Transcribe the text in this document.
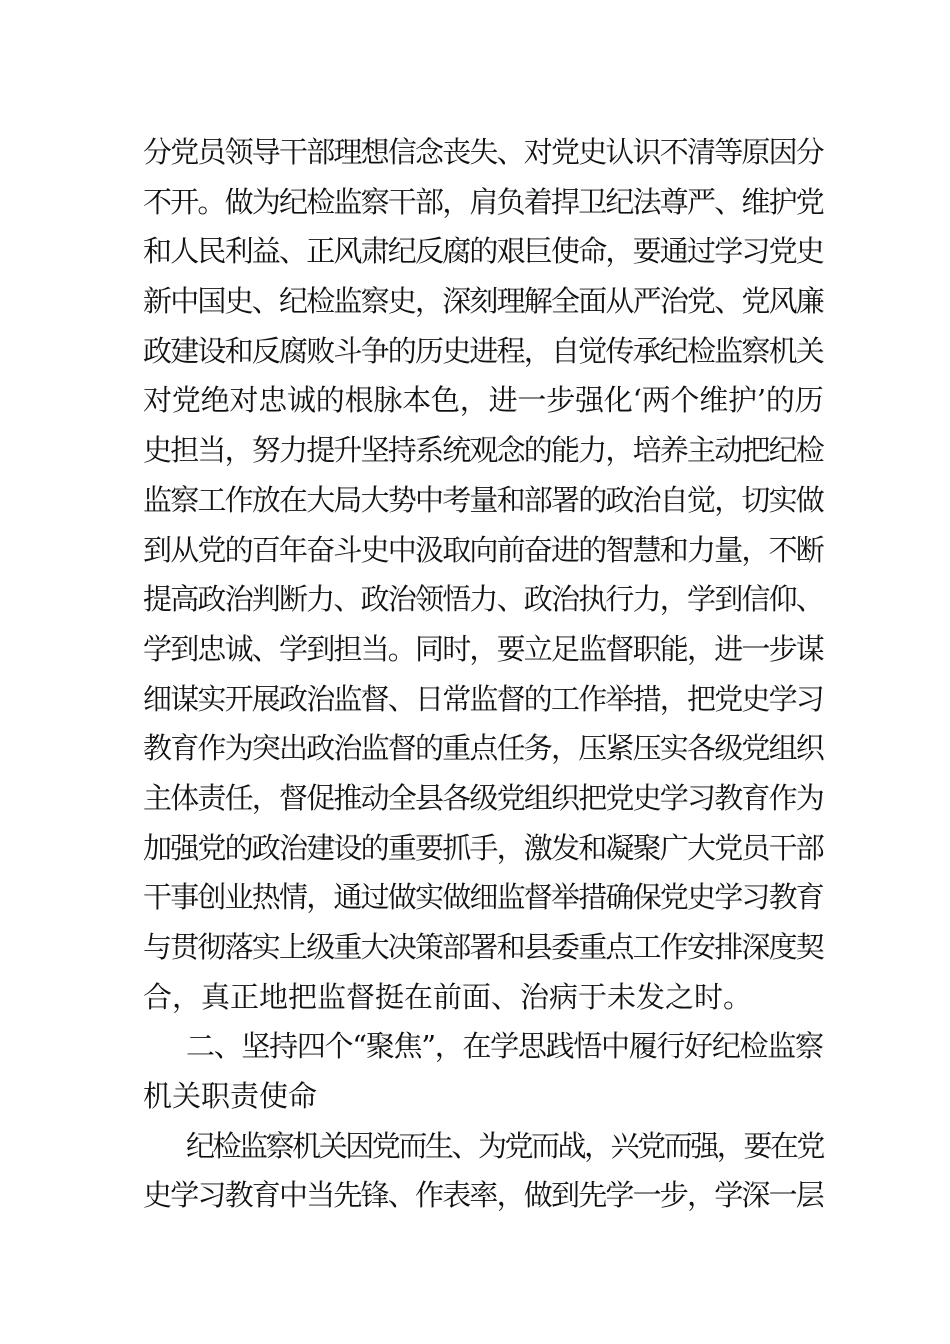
分党员领导干部理想信念丧失、对党史认识不清等原因分
不开。做为纪检监察干部，肩负着捍卫纪法尊严、维护党
和人民利益、正风肃纪反腐的艰巨使命，要通过学习党史
新中国史、纪检监察史，深刻理解全面从严治党、党风廉
政建设和反腐败斗争的历史进程，自觉传承纪检监察机关
对党绝对忠诚的根脉本色，进一步强化‘两个维护’的历
史担当，努力提升坚持系统观念的能力，培养主动把纪检
监察工作放在大局大势中考量和部署的政治自觉，切实做
到从党的百年奋斗史中汲取向前奋进的智慧和力量，不断
提高政治判断力、政治领悟力、政治执行力，学到信仰、
学到忠诚、学到担当。同时，要立足监督职能，进一步谋
细谋实开展政治监督、日常监督的工作举措，把党史学习
教育作为突出政治监督的重点任务，压紧压实各级党组织
主体责任，督促推动全县各级党组织把党史学习教育作为
加强党的政治建设的重要抓手，激发和凝聚广大党员干部
干事创业热情，通过做实做细监督举措确保党史学习教育
与贯彻落实上级重大决策部署和县委重点工作安排深度契
合，真正地把监督挺在前面、治病于未发之时。
二、坚持四个“聚焦”，在学思践悟中履行好纪检监察
机关职责使命
纪检监察机关因党而生、为党而战，兴党而强，要在党
史学习教育中当先锋、作表率，做到先学一步，学深一层
